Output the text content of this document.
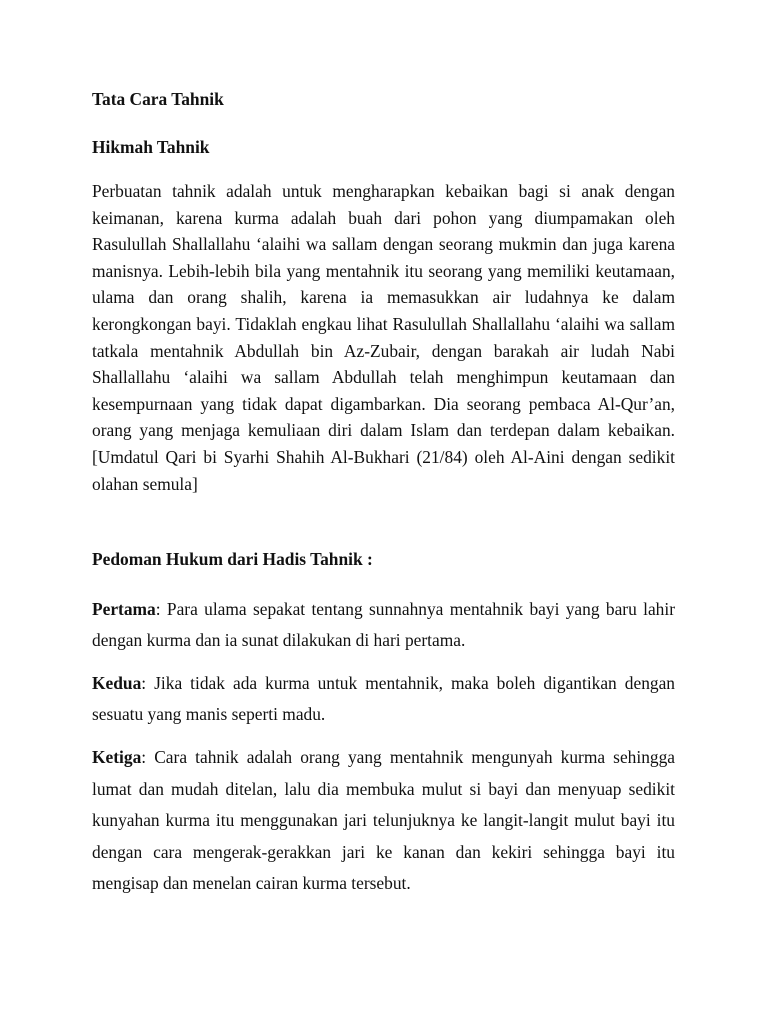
Tata Cara Tahnik
Hikmah Tahnik

Perbuatan tahnik adalah untuk mengharapkan kebaikan bagi si anak dengan keimanan, karena kurma adalah buah dari pohon yang diumpamakan oleh Rasulullah Shallallahu ‘alaihi wa sallam dengan seorang mukmin dan juga karena manisnya. Lebih-lebih bila yang mentahnik itu seorang yang memiliki keutamaan, ulama dan orang shalih, karena ia memasukkan air ludahnya ke dalam kerongkongan bayi. Tidaklah engkau lihat Rasulullah Shallallahu ‘alaihi wa sallam tatkala mentahnik Abdullah bin Az-Zubair, dengan barakah air ludah Nabi Shallallahu ‘alaihi wa sallam Abdullah telah menghimpun keutamaan dan kesempurnaan yang tidak dapat digambarkan. Dia seorang pembaca Al-Qur’an, orang yang menjaga kemuliaan diri dalam Islam dan terdepan dalam kebaikan. [Umdatul Qari bi Syarhi Shahih Al-Bukhari (21/84) oleh Al-Aini dengan sedikit olahan semula]

Pedoman Hukum dari Hadis Tahnik :

Pertama: Para ulama sepakat tentang sunnahnya mentahnik bayi yang baru lahir dengan kurma dan ia sunat dilakukan di hari pertama.

Kedua: Jika tidak ada kurma untuk mentahnik, maka boleh digantikan dengan sesuatu yang manis seperti madu.

Ketiga: Cara tahnik adalah orang yang mentahnik mengunyah kurma sehingga lumat dan mudah ditelan, lalu dia membuka mulut si bayi dan menyuap sedikit kunyahan kurma itu menggunakan jari telunjuknya ke langit-langit mulut bayi itu dengan cara mengerak-gerakkan jari ke kanan dan kekiri sehingga bayi itu mengisap dan menelan cairan kurma tersebut.
